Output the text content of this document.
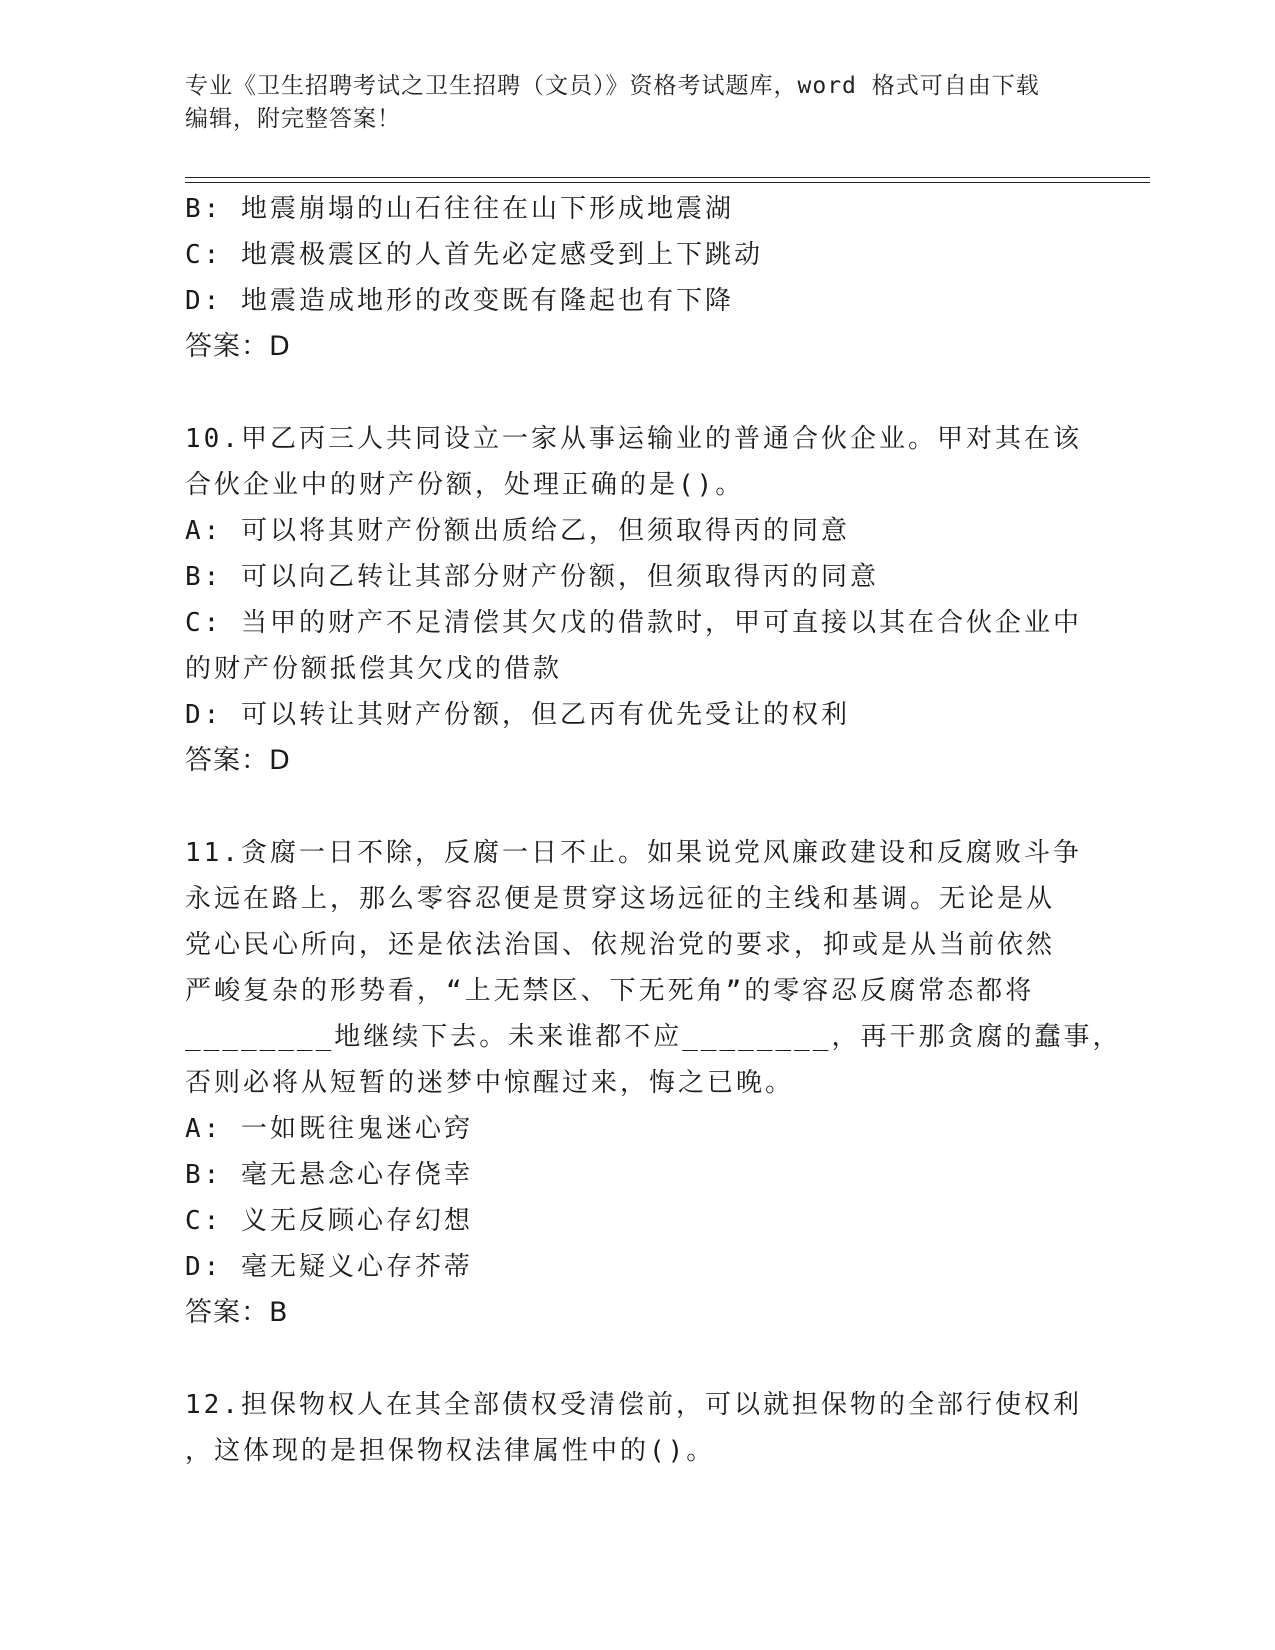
专业《卫生招聘考试之卫生招聘（文员）》资格考试题库，word 格式可自由下载
编辑，附完整答案！
B: 地震崩塌的山石往往在山下形成地震湖
C: 地震极震区的人首先必定感受到上下跳动
D: 地震造成地形的改变既有隆起也有下降
答案：D
10.甲乙丙三人共同设立一家从事运输业的普通合伙企业。甲对其在该
合伙企业中的财产份额，处理正确的是()。
A: 可以将其财产份额出质给乙，但须取得丙的同意
B: 可以向乙转让其部分财产份额，但须取得丙的同意
C: 当甲的财产不足清偿其欠戊的借款时，甲可直接以其在合伙企业中
的财产份额抵偿其欠戊的借款
D: 可以转让其财产份额，但乙丙有优先受让的权利
答案：D
11.贪腐一日不除，反腐一日不止。如果说党风廉政建设和反腐败斗争
永远在路上，那么零容忍便是贯穿这场远征的主线和基调。无论是从
党心民心所向，还是依法治国、依规治党的要求，抑或是从当前依然
严峻复杂的形势看，“上无禁区、下无死角”的零容忍反腐常态都将
________地继续下去。未来谁都不应________，再干那贪腐的蠢事，
否则必将从短暂的迷梦中惊醒过来，悔之已晚。
A: 一如既往鬼迷心窍
B: 毫无悬念心存侥幸
C: 义无反顾心存幻想
D: 毫无疑义心存芥蒂
答案：B
12.担保物权人在其全部债权受清偿前，可以就担保物的全部行使权利
，这体现的是担保物权法律属性中的()。
